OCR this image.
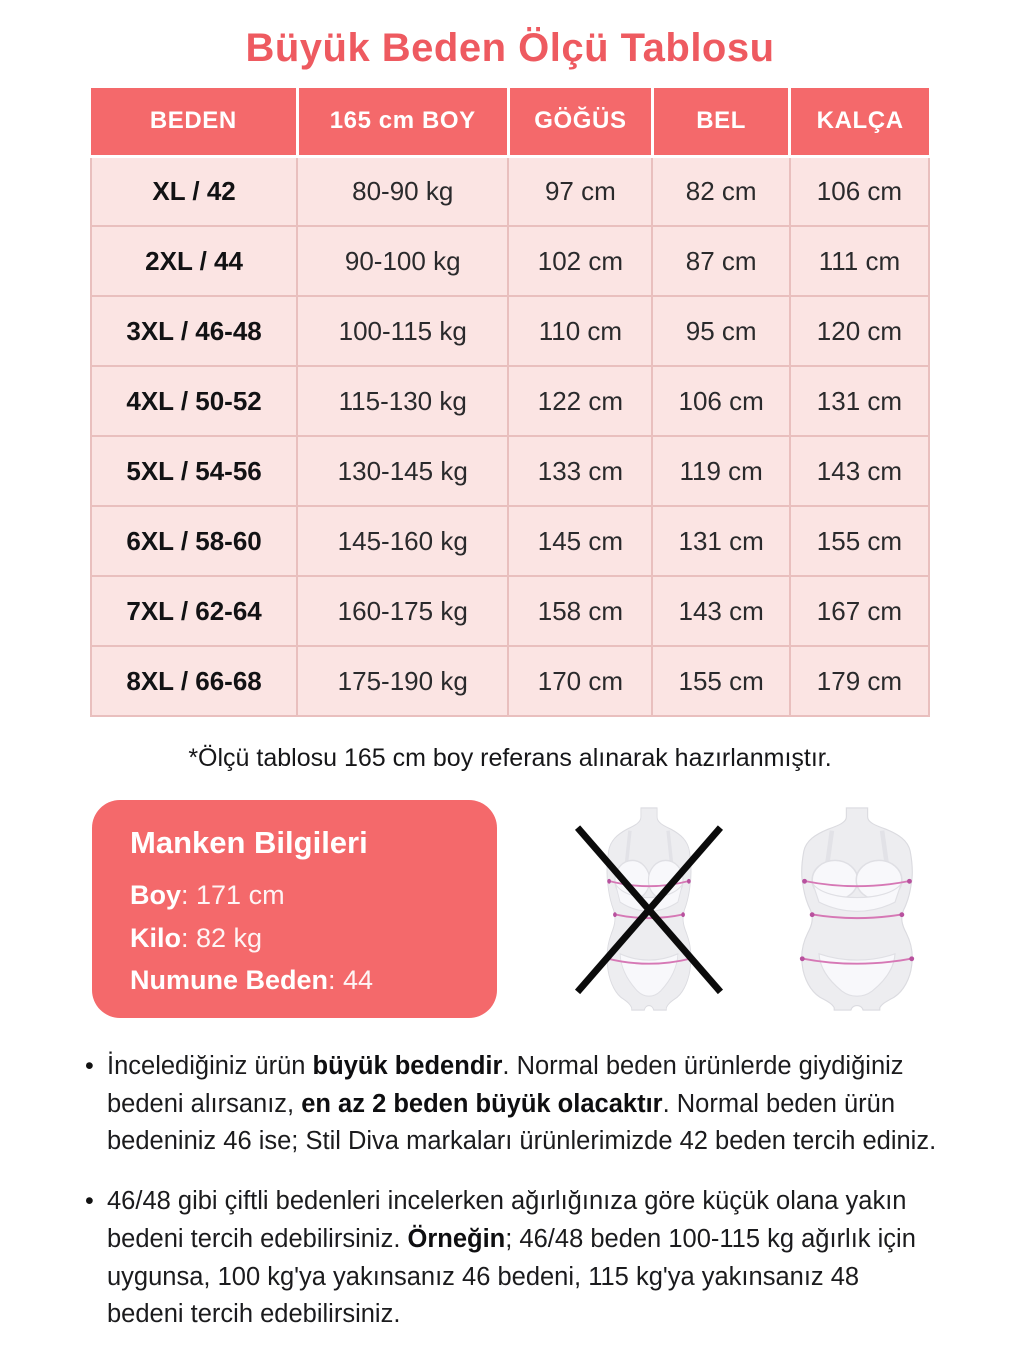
Büyük Beden Ölçü Tablosu
BEDEN	165 cm BOY	GÖĞÜS	BEL	KALÇA
XL / 42	80-90 kg	97 cm	82 cm	106 cm
2XL / 44	90-100 kg	102 cm	87 cm	111 cm
3XL / 46-48	100-115 kg	110 cm	95 cm	120 cm
4XL / 50-52	115-130 kg	122 cm	106 cm	131 cm
5XL / 54-56	130-145 kg	133 cm	119 cm	143 cm
6XL / 58-60	145-160 kg	145 cm	131 cm	155 cm
7XL / 62-64	160-175 kg	158 cm	143 cm	167 cm
8XL / 66-68	175-190 kg	170 cm	155 cm	179 cm

*Ölçü tablosu 165 cm boy referans alınarak hazırlanmıştır.

Manken Bilgileri
Boy: 171 cm
Kilo: 82 kg
Numune Beden: 44
• İncelediğiniz ürün büyük bedendir. Normal beden ürünlerde giydiğiniz bedeni alırsanız, en az 2 beden büyük olacaktır. Normal beden ürün bedeniniz 46 ise; Stil Diva markaları ürünlerimizde 42 beden tercih ediniz.

• 46/48 gibi çiftli bedenleri incelerken ağırlığınıza göre küçük olana yakın bedeni tercih edebilirsiniz. Örneğin; 46/48 beden 100-115 kg ağırlık için uygunsa, 100 kg'ya yakınsanız 46 bedeni, 115 kg'ya yakınsanız 48 bedeni tercih edebilirsiniz.
